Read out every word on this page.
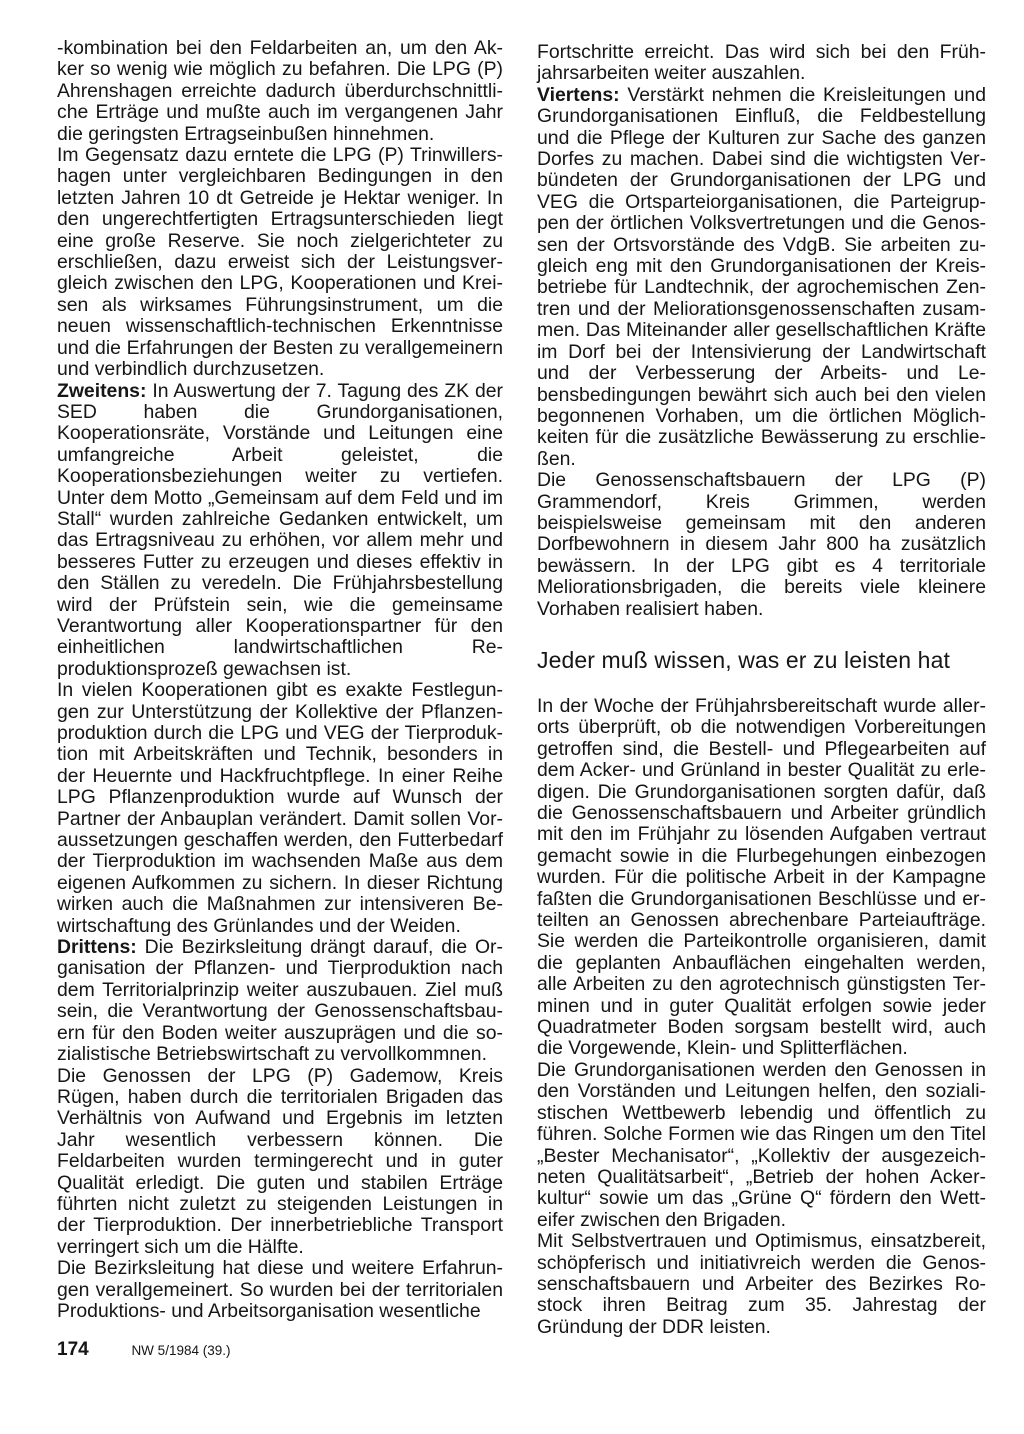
-kombination bei den Feldarbeiten an, um den Akker so wenig wie möglich zu befahren. Die LPG (P) Ahrenshagen erreichte dadurch überdurchschnittliche Erträge und mußte auch im vergangenen Jahr die geringsten Ertragseinbußen hinnehmen.

Im Gegensatz dazu erntete die LPG (P) Trinwillershagen unter vergleichbaren Bedingungen in den letzten Jahren 10 dt Getreide je Hektar weniger. In den ungerechtfertigten Ertragsunterschieden liegt eine große Reserve. Sie noch zielgerichteter zu erschließen, dazu erweist sich der Leistungsvergleich zwischen den LPG, Kooperationen und Kreisen als wirksames Führungsinstrument, um die neuen wissenschaftlich-technischen Erkenntnisse und die Erfahrungen der Besten zu verallgemeinern und verbindlich durchzusetzen.

Zweitens: In Auswertung der 7. Tagung des ZK der SED haben die Grundorganisationen, Kooperationsräte, Vorstände und Leitungen eine umfangreiche Arbeit geleistet, die Kooperationsbeziehungen weiter zu vertiefen. Unter dem Motto „Gemeinsam auf dem Feld und im Stall“ wurden zahlreiche Gedanken entwickelt, um das Ertragsniveau zu erhöhen, vor allem mehr und besseres Futter zu erzeugen und dieses effektiv in den Ställen zu veredeln. Die Frühjahrsbestellung wird der Prüfstein sein, wie die gemeinsame Verantwortung aller Kooperationspartner für den einheitlichen landwirtschaftlichen Reproduktionsprozeß gewachsen ist.

In vielen Kooperationen gibt es exakte Festlegungen zur Unterstützung der Kollektive der Pflanzenproduktion durch die LPG und VEG der Tierproduktion mit Arbeitskräften und Technik, besonders in der Heuernte und Hackfruchtpflege. In einer Reihe LPG Pflanzenproduktion wurde auf Wunsch der Partner der Anbauplan verändert. Damit sollen Voraussetzungen geschaffen werden, den Futterbedarf der Tierproduktion im wachsenden Maße aus dem eigenen Aufkommen zu sichern. In dieser Richtung wirken auch die Maßnahmen zur intensiveren Bewirtschaftung des Grünlandes und der Weiden.

Drittens: Die Bezirksleitung drängt darauf, die Organisation der Pflanzen- und Tierproduktion nach dem Territorialprinzip weiter auszubauen. Ziel muß sein, die Verantwortung der Genossenschaftsbauern für den Boden weiter auszuprägen und die sozialistische Betriebswirtschaft zu vervollkommnen.

Die Genossen der LPG (P) Gademow, Kreis Rügen, haben durch die territorialen Brigaden das Verhältnis von Aufwand und Ergebnis im letzten Jahr wesentlich verbessern können. Die Feldarbeiten wurden termingerecht und in guter Qualität erledigt. Die guten und stabilen Erträge führten nicht zuletzt zu steigenden Leistungen in der Tierproduktion. Der innerbetriebliche Transport verringert sich um die Hälfte.

Die Bezirksleitung hat diese und weitere Erfahrungen verallgemeinert. So wurden bei der territorialen Produktions- und Arbeitsorganisation wesentliche

Fortschritte erreicht. Das wird sich bei den Frühjahrsarbeiten weiter auszahlen.

Viertens: Verstärkt nehmen die Kreisleitungen und Grundorganisationen Einfluß, die Feldbestellung und die Pflege der Kulturen zur Sache des ganzen Dorfes zu machen. Dabei sind die wichtigsten Verbündeten der Grundorganisationen der LPG und VEG die Ortsparteiorganisationen, die Parteigruppen der örtlichen Volksvertretungen und die Genossen der Ortsvorstände des VdgB. Sie arbeiten zugleich eng mit den Grundorganisationen der Kreisbetriebe für Landtechnik, der agrochemischen Zentren und der Meliorationsgenossenschaften zusammen. Das Miteinander aller gesellschaftlichen Kräfte im Dorf bei der Intensivierung der Landwirtschaft und der Verbesserung der Arbeits- und Lebensbedingungen bewährt sich auch bei den vielen begonnenen Vorhaben, um die örtlichen Möglichkeiten für die zusätzliche Bewässerung zu erschließen.

Die Genossenschaftsbauern der LPG (P) Grammendorf, Kreis Grimmen, werden beispielsweise gemeinsam mit den anderen Dorfbewohnern in diesem Jahr 800 ha zusätzlich bewässern. In der LPG gibt es 4 territoriale Meliorationsbrigaden, die bereits viele kleinere Vorhaben realisiert haben.

Jeder muß wissen, was er zu leisten hat

In der Woche der Frühjahrsbereitschaft wurde allerorts überprüft, ob die notwendigen Vorbereitungen getroffen sind, die Bestell- und Pflegearbeiten auf dem Acker- und Grünland in bester Qualität zu erledigen. Die Grundorganisationen sorgten dafür, daß die Genossenschaftsbauern und Arbeiter gründlich mit den im Frühjahr zu lösenden Aufgaben vertraut gemacht sowie in die Flurbegehungen einbezogen wurden. Für die politische Arbeit in der Kampagne faßten die Grundorganisationen Beschlüsse und erteilten an Genossen abrechenbare Parteiaufträge. Sie werden die Parteikontrolle organisieren, damit die geplanten Anbauflächen eingehalten werden, alle Arbeiten zu den agrotechnisch günstigsten Terminen und in guter Qualität erfolgen sowie jeder Quadratmeter Boden sorgsam bestellt wird, auch die Vorgewende, Klein- und Splitterflächen.

Die Grundorganisationen werden den Genossen in den Vorständen und Leitungen helfen, den sozialistischen Wettbewerb lebendig und öffentlich zu führen. Solche Formen wie das Ringen um den Titel „Bester Mechanisator“, „Kollektiv der ausgezeichneten Qualitätsarbeit“, „Betrieb der hohen Ackerkultur“ sowie um das „Grüne Q“ fördern den Wetteifer zwischen den Brigaden.

Mit Selbstvertrauen und Optimismus, einsatzbereit, schöpferisch und initiativreich werden die Genossenschaftsbauern und Arbeiter des Bezirkes Rostock ihren Beitrag zum 35. Jahrestag der Gründung der DDR leisten.

174	NW 5/1984 (39.)
